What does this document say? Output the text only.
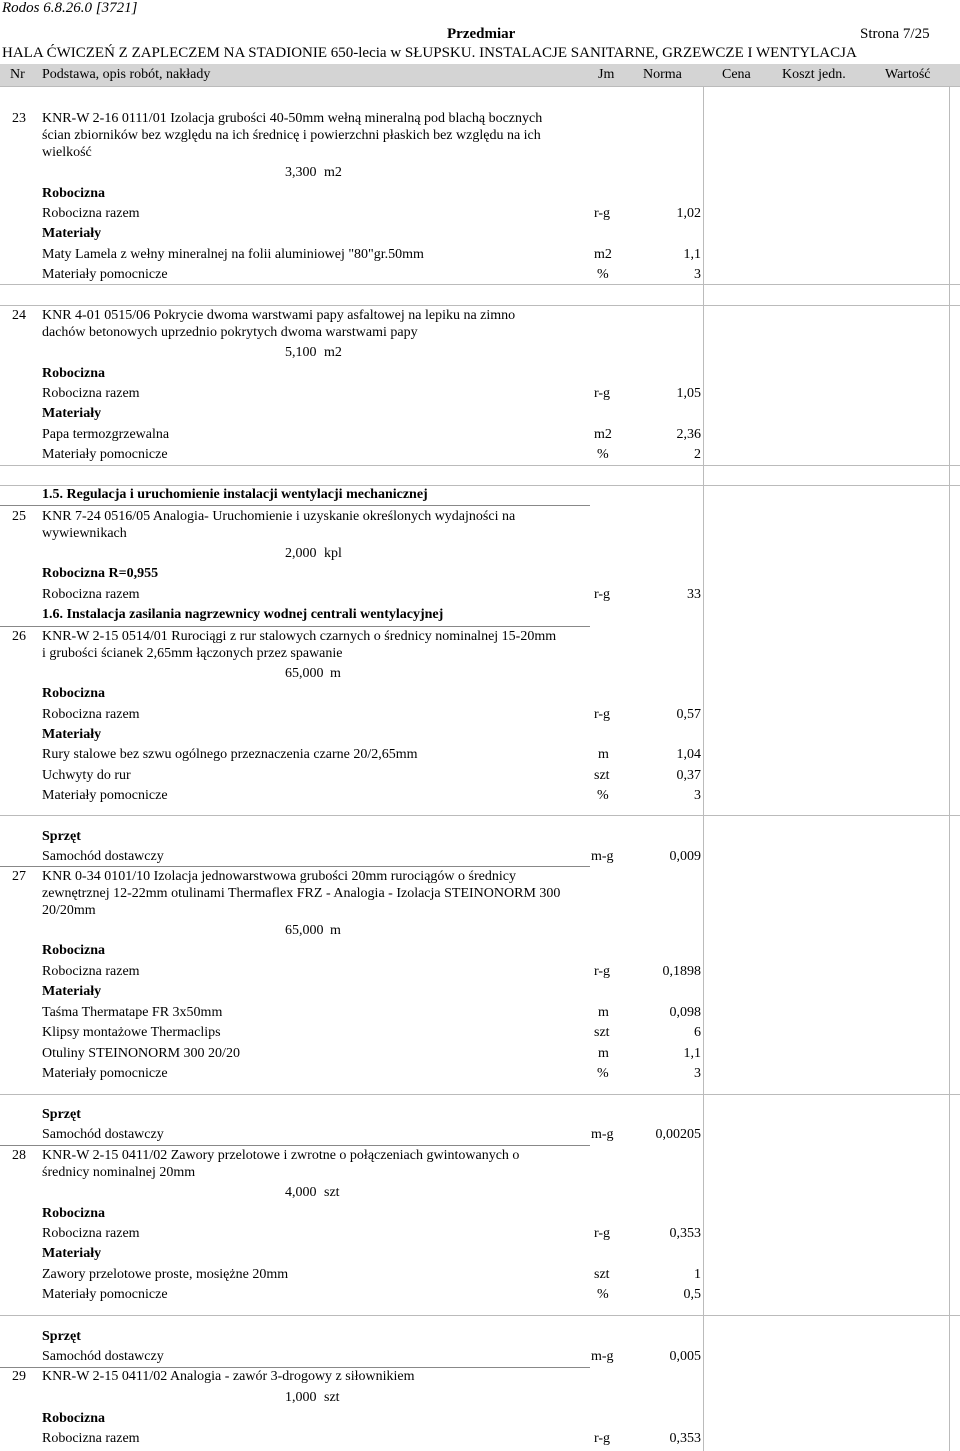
Rodos 6.8.26.0 [3721]
Przedmiar	Strona 7/25
HALA ĆWICZEŃ Z ZAPLECZEM NA STADIONIE 650-lecia w SŁUPSKU. INSTALACJE SANITARNE, GRZEWCZE I WENTYLACJA
Nr Podstawa, opis robót, nakłady	Jm Norma	Cena Koszt jedn.	Wartość
23 KNR-W 2-16 0111/01 Izolacja grubości 40-50mm wełną mineralną pod blachą bocznych
ścian zbiorników bez względu na ich średnicę i powierzchni płaskich bez względu na ich
wielkość
3,300 m2
Robocizna
Robocizna razem	r-g	1,02
Materiały
Maty Lamela z wełny mineralnej na folii aluminiowej "80"gr.50mm	m2	1,1
Materiały pomocnicze	%	3
24 KNR 4-01 0515/06 Pokrycie dwoma warstwami papy asfaltowej na lepiku na zimno
dachów betonowych uprzednio pokrytych dwoma warstwami papy
5,100 m2
Robocizna
Robocizna razem	r-g	1,05
Materiały
Papa termozgrzewalna	m2	2,36
Materiały pomocnicze	%	2
1.5. Regulacja i uruchomienie instalacji wentylacji mechanicznej
25 KNR 7-24 0516/05 Analogia- Uruchomienie i uzyskanie określonych wydajności na
wywiewnikach
2,000 kpl
Robocizna R=0,955
Robocizna razem	r-g	33
1.6. Instalacja zasilania nagrzewnicy wodnej centrali wentylacyjnej
26 KNR-W 2-15 0514/01 Rurociągi z rur stalowych czarnych o średnicy nominalnej 15-20mm
i grubości ścianek 2,65mm łączonych przez spawanie
65,000 m
Robocizna
Robocizna razem	r-g	0,57
Materiały
Rury stalowe bez szwu ogólnego przeznaczenia czarne 20/2,65mm	m	1,04
Uchwyty do rur	szt	0,37
Materiały pomocnicze	%	3
Sprzęt
Samochód dostawczy	m-g	0,009
27 KNR 0-34 0101/10 Izolacja jednowarstwowa grubości 20mm rurociągów o średnicy
zewnętrznej 12-22mm otulinami Thermaflex FRZ - Analogia - Izolacja STEINONORM 300
20/20mm
65,000 m
Robocizna
Robocizna razem	r-g	0,1898
Materiały
Taśma Thermatape FR 3x50mm	m	0,098
Klipsy montażowe Thermaclips	szt	6
Otuliny STEINONORM 300 20/20	m	1,1
Materiały pomocnicze	%	3
Sprzęt
Samochód dostawczy	m-g	0,00205
28 KNR-W 2-15 0411/02 Zawory przelotowe i zwrotne o połączeniach gwintowanych o
średnicy nominalnej 20mm
4,000 szt
Robocizna
Robocizna razem	r-g	0,353
Materiały
Zawory przelotowe proste, mosiężne 20mm	szt	1
Materiały pomocnicze	%	0,5
Sprzęt
Samochód dostawczy	m-g	0,005
29 KNR-W 2-15 0411/02 Analogia - zawór 3-drogowy z siłownikiem
1,000 szt
Robocizna
Robocizna razem	r-g	0,353
